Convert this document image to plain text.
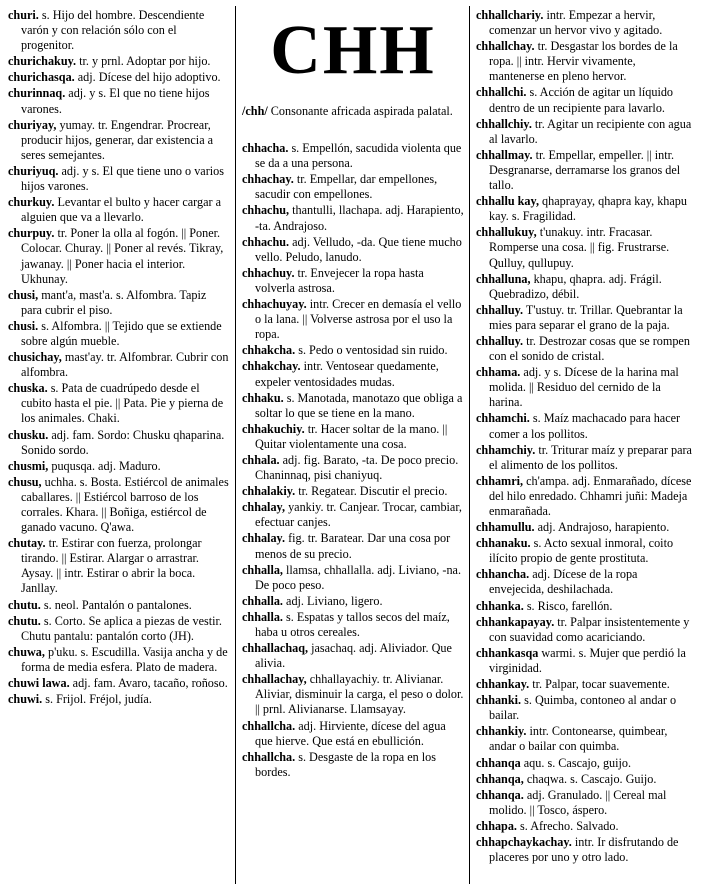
churi. s. Hijo del hombre. Descendiente varón y con relación sólo con el progenitor.
churichakuy. tr. y prnl. Adoptar por hijo.
churichasqa. adj. Dícese del hijo adoptivo.
churinnaq. adj. y s. El que no tiene hijos varones.
churiyay, yumay. tr. Engendrar. Procrear, producir hijos, generar, dar existencia a seres semejantes.
churiyuq. adj. y s. El que tiene uno o varios hijos varones.
churkuy. Levantar el bulto y hacer cargar a alguien que va a llevarlo.
churpuy. tr. Poner la olla al fogón. || Poner. Colocar. Churay. || Poner al revés. Tikray, jawanay. || Poner hacia el interior. Ukhunay.
chusi, mant'a, mast'a. s. Alfombra. Tapiz para cubrir el piso.
chusi. s. Alfombra. || Tejido que se extiende sobre algún mueble.
chusichay, mast'ay. tr. Alfombrar. Cubrir con alfombra.
chuska. s. Pata de cuadrúpedo desde el cubito hasta el pie. || Pata. Pie y pierna de los animales. Chaki.
chusku. adj. fam. Sordo: Chusku qhaparina. Sonido sordo.
chusmi, puqusqa. adj. Maduro.
chusu, uchha. s. Bosta. Estiércol de animales caballares. || Estiércol barroso de los corrales. Khara. || Boñiga, estiércol de ganado vacuno. Q'awa.
chutay. tr. Estirar con fuerza, prolongar tirando. || Estirar. Alargar o arrastrar. Aysay. || intr. Estirar o abrir la boca. Janllay.
chutu. s. neol. Pantalón o pantalones.
chutu. s. Corto. Se aplica a piezas de vestir. Chutu pantalu: pantalón corto (JH).
chuwa, p'uku. s. Escudilla. Vasija ancha y de forma de media esfera. Plato de madera.
chuwi lawa. adj. fam. Avaro, tacaño, roñoso.
chuwi. s. Frijol. Fréjol, judía.
CHH
/chh/ Consonante africada aspirada palatal.
chhacha. s. Empellón, sacudida violenta que se da a una persona.
chhachay. tr. Empellar, dar empellones, sacudir con empellones.
chhachu, thantulli, llachapa. adj. Harapiento, -ta. Andrajoso.
chhachu. adj. Velludo, -da. Que tiene mucho vello. Peludo, lanudo.
chhachuy. tr. Envejecer la ropa hasta volverla astrosa.
chhachuyay. intr. Crecer en demasía el vello o la lana. || Volverse astrosa por el uso la ropa.
chhakcha. s. Pedo o ventosidad sin ruido.
chhakchay. intr. Ventosear quedamente, expeler ventosidades mudas.
chhaku. s. Manotada, manotazo que obliga a soltar lo que se tiene en la mano.
chhakuchiy. tr. Hacer soltar de la mano. || Quitar violentamente una cosa.
chhala. adj. fig. Barato, -ta. De poco precio. Chaninnaq, pisi chaniyuq.
chhalakiy. tr. Regatear. Discutir el precio.
chhalay, yankiy. tr. Canjear. Trocar, cambiar, efectuar canjes.
chhalay. fig. tr. Baratear. Dar una cosa por menos de su precio.
chhalla, llamsa, chhallalla. adj. Liviano, -na. De poco peso.
chhalla. adj. Liviano, ligero.
chhalla. s. Espatas y tallos secos del maíz, haba u otros cereales.
chhallachaq, jasachaq. adj. Aliviador. Que alivia.
chhallachay, chhallayachiy. tr. Alivianar. Aliviar, disminuir la carga, el peso o dolor. || prnl. Alivianarse. Llamsayay.
chhallcha. adj. Hirviente, dícese del agua que hierve. Que está en ebullición.
chhallcha. s. Desgaste de la ropa en los bordes.
chhallchariy. intr. Empezar a hervir, comenzar un hervor vivo y agitado.
chhallchay. tr. Desgastar los bordes de la ropa. || intr. Hervir vivamente, mantenerse en pleno hervor.
chhallchi. s. Acción de agitar un líquido dentro de un recipiente para lavarlo.
chhallchiy. tr. Agitar un recipiente con agua al lavarlo.
chhallmay. tr. Empellar, empeller. || intr. Desgranarse, derramarse los granos del tallo.
chhallu kay, qhaprayay, qhapra kay, khapu kay. s. Fragilidad.
chhallukuy, t'unakuy. intr. Fracasar. Romperse una cosa. || fig. Frustrarse. Qulluy, qullupuy.
chhalluna, khapu, qhapra. adj. Frágil. Quebradizo, débil.
chhalluy. T'ustuy. tr. Trillar. Quebrantar la mies para separar el grano de la paja.
chhalluy. tr. Destrozar cosas que se rompen con el sonido de cristal.
chhama. adj. y s. Dícese de la harina mal molida. || Residuo del cernido de la harina.
chhamchi. s. Maíz machacado para hacer comer a los pollitos.
chhamchiy. tr. Triturar maíz y preparar para el alimento de los pollitos.
chhamri, ch'ampa. adj. Enmarañado, dícese del hilo enredado. Chhamri juñi: Madeja enmarañada.
chhamullu. adj. Andrajoso, harapiento.
chhanaku. s. Acto sexual inmoral, coito ilícito propio de gente prostituta.
chhancha. adj. Dícese de la ropa envejecida, deshilachada.
chhanka. s. Risco, farellón.
chhankapayay. tr. Palpar insistentemente y con suavidad como acariciando.
chhankasqa warmi. s. Mujer que perdió la virginidad.
chhankay. tr. Palpar, tocar suavemente.
chhanki. s. Quimba, contoneo al andar o bailar.
chhankiy. intr. Contonearse, quimbear, andar o bailar con quimba.
chhanqa aqu. s. Cascajo, guijo.
chhanqa, chaqwa. s. Cascajo. Guijo.
chhanqa. adj. Granulado. || Cereal mal molido. || Tosco, áspero.
chhapa. s. Afrecho. Salvado.
chhapchaykachay. intr. Ir disfrutando de placeres por uno y otro lado.
